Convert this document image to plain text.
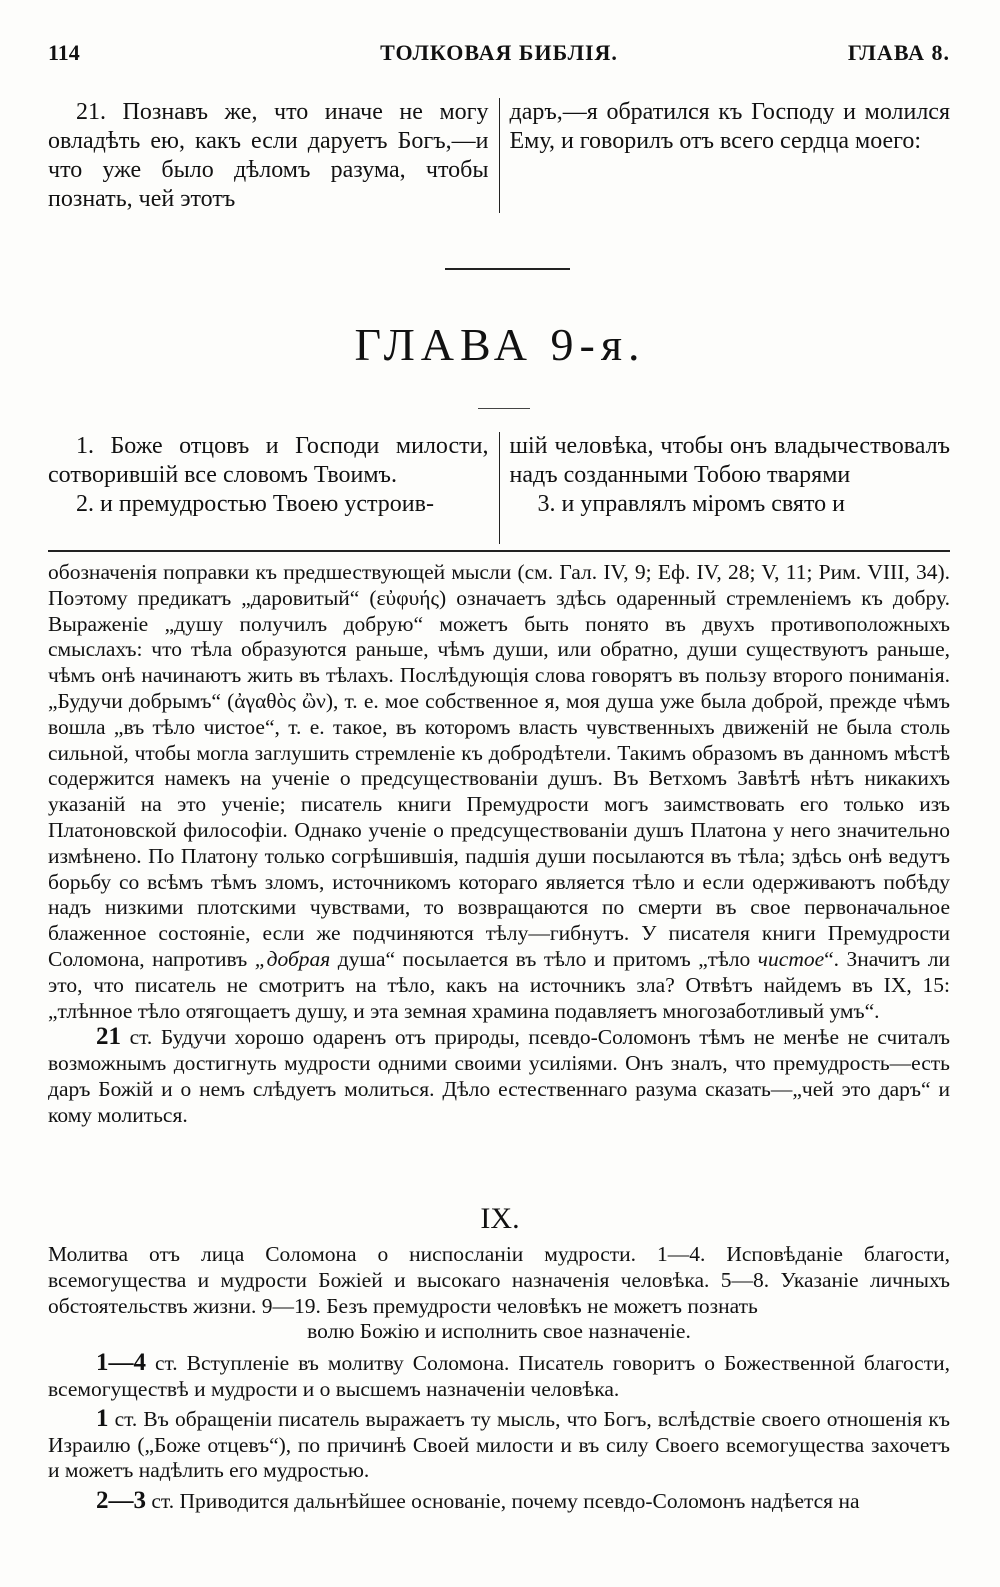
114	ТОЛКОВАЯ БИБЛІЯ.	ГЛАВА 8.

21. Познавъ же, что иначе не могу овладѣть ею, какъ если даруетъ Богъ,—и что уже было дѣломъ разума, чтобы познать, чей этотъ

даръ,—я обратился къ Господу и молился Ему, и говорилъ отъ всего сердца моего:

ГЛАВА 9-я.

1. Боже отцовъ и Господи милости, сотворившій все словомъ Твоимъ.

2. и премудростью Твоею устроив-

шій человѣка, чтобы онъ владычествовалъ надъ созданными Тобою тварями

3. и управлялъ міромъ свято и

обозначенія поправки къ предшествующей мысли (см. Гал. IV, 9; Еф. IV, 28; V, 11; Рим. VIII, 34). Поэтому предикатъ „даровитый“ (εὐφυής) означаетъ здѣсь одаренный стремленіемъ къ добру. Выраженіе „душу получилъ добрую“ можетъ быть понято въ двухъ противоположныхъ смыслахъ: что тѣла образуются раньше, чѣмъ души, или обратно, души существуютъ раньше, чѣмъ онѣ начинаютъ жить въ тѣлахъ. Послѣдующія слова говорятъ въ пользу второго пониманія. „Будучи добрымъ“ (ἀγαθὸς ὢν), т. е. мое собственное я, моя душа уже была доброй, прежде чѣмъ вошла „въ тѣло чистое“, т. е. такое, въ которомъ власть чувственныхъ движеній не была столь сильной, чтобы могла заглушить стремленіе къ добродѣтели. Такимъ образомъ въ данномъ мѣстѣ содержится намекъ на ученіе о предсуществованіи душъ. Въ Ветхомъ Завѣтѣ нѣтъ никакихъ указаній на это ученіе; писатель книги Премудрости могъ заимствовать его только изъ Платоновской философіи. Однако ученіе о предсуществованіи душъ Платона у него значительно измѣнено. По Платону только согрѣшившія, падшія души посылаются въ тѣла; здѣсь онѣ ведутъ борьбу со всѣмъ тѣмъ зломъ, источникомъ котораго является тѣло и если одерживаютъ побѣду надъ низкими плотскими чувствами, то возвращаются по смерти въ свое первоначальное блаженное состояніе, если же подчиняются тѣлу—гибнутъ. У писателя книги Премудрости Соломона, напротивъ „добрая душа“ посылается въ тѣло и притомъ „тѣло чистое“. Значитъ ли это, что писатель не смотритъ на тѣло, какъ на источникъ зла? Отвѣтъ найдемъ въ IX, 15: „тлѣнное тѣло отягощаетъ душу, и эта земная храмина подавляетъ многозаботливый умъ“.

21 ст. Будучи хорошо одаренъ отъ природы, псевдо-Соломонъ тѣмъ не менѣе не считалъ возможнымъ достигнуть мудрости одними своими усиліями. Онъ зналъ, что премудрость—есть даръ Божій и о немъ слѣдуетъ молиться. Дѣло естественнаго разума сказать—„чей это даръ“ и кому молиться.

IX.

Молитва отъ лица Соломона о ниспосланіи мудрости. 1—4. Исповѣданіе благости, всемогущества и мудрости Божіей и высокаго назначенія человѣка. 5—8. Указаніе личныхъ обстоятельствъ жизни. 9—19. Безъ премудрости человѣкъ не можетъ познать

волю Божію и исполнить свое назначеніе.

1—4 ст. Вступленіе въ молитву Соломона. Писатель говоритъ о Божественной благости, всемогуществѣ и мудрости и о высшемъ назначеніи человѣка.

1 ст. Въ обращеніи писатель выражаетъ ту мысль, что Богъ, вслѣдствіе своего отношенія къ Израилю („Боже отцевъ“), по причинѣ Своей милости и въ силу Своего всемогущества захочетъ и можетъ надѣлить его мудростью.

2—3 ст. Приводится дальнѣйшее основаніе, почему псевдо-Соломонъ надѣется на
